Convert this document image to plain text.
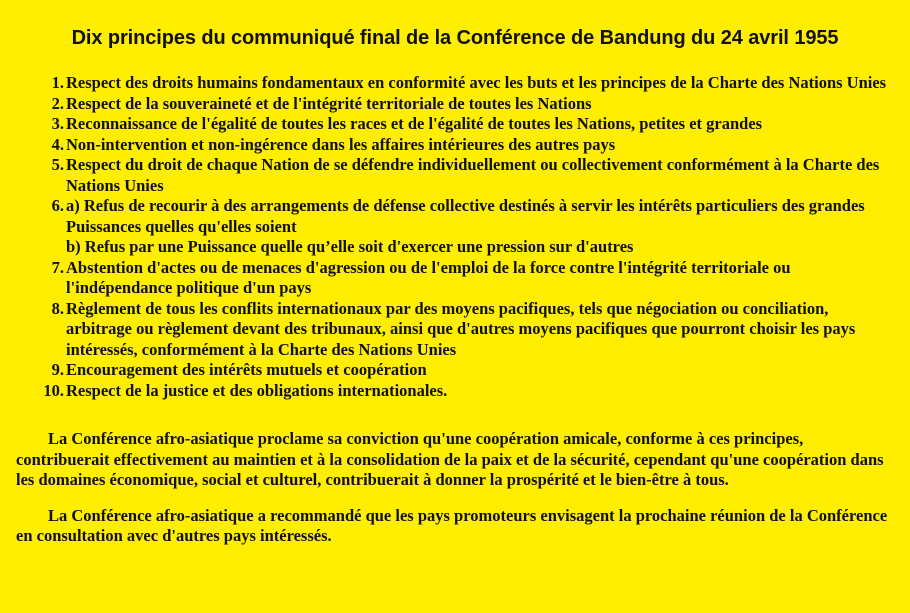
Dix principes du communiqué final de la Conférence de Bandung du 24 avril 1955
1. Respect des droits humains fondamentaux en conformité avec les buts et les principes de la Charte des Nations Unies
2. Respect de la souveraineté et de l'intégrité territoriale de toutes les Nations
3. Reconnaissance de l'égalité de toutes les races et de l'égalité de toutes les Nations, petites et grandes
4. Non-intervention et non-ingérence dans les affaires intérieures des autres pays
5. Respect du droit de chaque Nation de se défendre individuellement ou collectivement conformément à la Charte des Nations Unies
6. a) Refus de recourir à des arrangements de défense collective destinés à servir les intérêts particuliers des grandes Puissances quelles qu'elles soient
b) Refus par une Puissance quelle qu’elle soit d'exercer une pression sur d'autres
7. Abstention d'actes ou de menaces d'agression ou de l'emploi de la force contre l'intégrité territoriale ou l'indépendance politique d'un pays
8. Règlement de tous les conflits internationaux par des moyens pacifiques, tels que négociation ou conciliation, arbitrage ou règlement devant des tribunaux, ainsi que d'autres moyens pacifiques que pourront choisir les pays intéressés, conformément à la Charte des Nations Unies
9. Encouragement des intérêts mutuels et coopération
10. Respect de la justice et des obligations internationales.

La Conférence afro-asiatique proclame sa conviction qu'une coopération amicale, conforme à ces principes, contribuerait effectivement au maintien et à la consolidation de la paix et de la sécurité, cependant qu'une coopération dans les domaines économique, social et culturel, contribuerait à donner la prospérité et le bien-être à tous.

La Conférence afro-asiatique a recommandé que les pays promoteurs envisagent la prochaine réunion de la Conférence en consultation avec d'autres pays intéressés.
